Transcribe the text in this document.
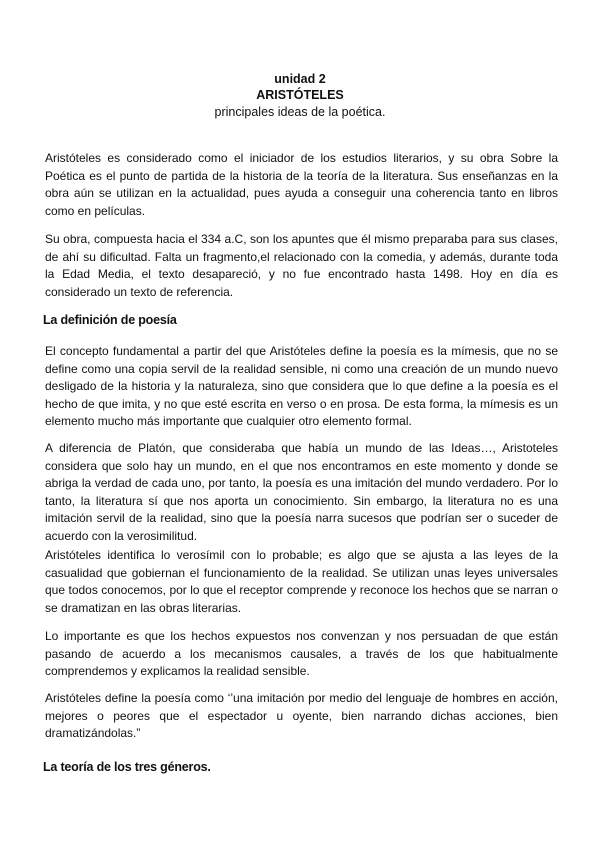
unidad 2
ARISTÓTELES
principales ideas de la poética.

Aristóteles es considerado como el iniciador de los estudios literarios, y su obra Sobre la Poética es el punto de partida de la historia de la teoría de la literatura. Sus enseñanzas en la obra aún se utilizan en la actualidad, pues ayuda a conseguir una coherencia tanto en libros como en películas.

Su obra, compuesta hacia el 334 a.C, son los apuntes que él mismo preparaba para sus clases, de ahí su dificultad. Falta un fragmento,el relacionado con la comedia, y además, durante toda la Edad Media, el texto desapareció, y no fue encontrado hasta 1498. Hoy en día es considerado un texto de referencia.

La definición de poesía

El concepto fundamental a partir del que Aristóteles define la poesía es la mímesis, que no se define como una copia servil de la realidad sensible, ni como una creación de un mundo nuevo desligado de la historia y la naturaleza, sino que considera que lo que define a la poesía es el hecho de que imita, y no que esté escrita en verso o en prosa. De esta forma, la mímesis es un elemento mucho más importante que cualquier otro elemento formal.

A diferencia de Platón, que consideraba que había un mundo de las Ideas…, Aristoteles considera que solo hay un mundo, en el que nos encontramos en este momento y donde se abriga la verdad de cada uno, por tanto, la poesía es una imitación del mundo verdadero. Por lo tanto, la literatura sí que nos aporta un conocimiento. Sin embargo, la literatura no es una imitación servil de la realidad, sino que la poesía narra sucesos que podrían ser o suceder de acuerdo con la verosimilitud.

Aristóteles identifica lo verosímil con lo probable; es algo que se ajusta a las leyes de la casualidad que gobiernan el funcionamiento de la realidad. Se utilizan unas leyes universales que todos conocemos, por lo que el receptor comprende y reconoce los hechos que se narran o se dramatizan en las obras literarias.

Lo importante es que los hechos expuestos nos convenzan y nos persuadan de que están pasando de acuerdo a los mecanismos causales, a través de los que habitualmente comprendemos y explicamos la realidad sensible.

Aristóteles define la poesía como ‘’una imitación por medio del lenguaje de hombres en acción, mejores o peores que el espectador u oyente, bien narrando dichas acciones, bien dramatizándolas.”

La teoría de los tres géneros.
